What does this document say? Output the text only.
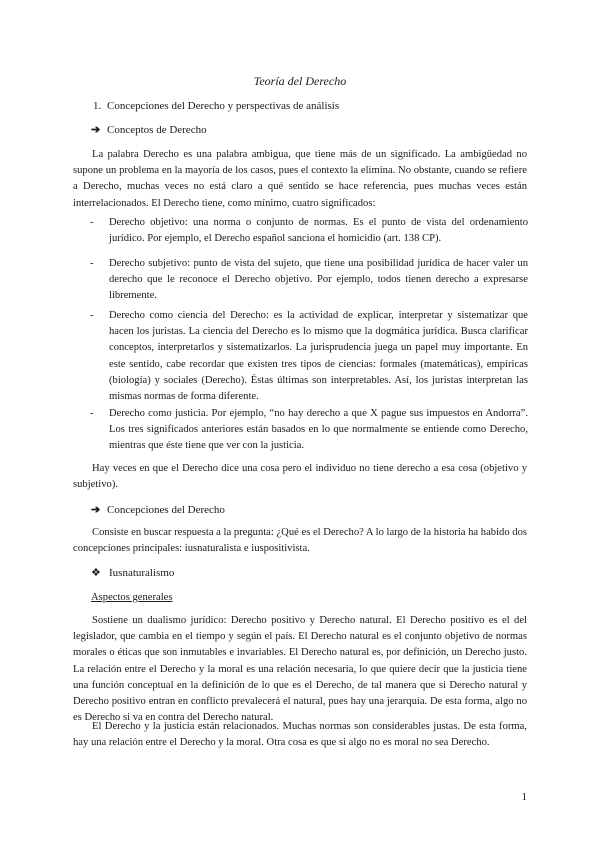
Teoría del Derecho
1. Concepciones del Derecho y perspectivas de análisis
➔ Conceptos de Derecho

La palabra Derecho es una palabra ambigua, que tiene más de un significado. La ambigüedad no supone un problema en la mayoría de los casos, pues el contexto la elimina. No obstante, cuando se refiere a Derecho, muchas veces no está claro a qué sentido se hace referencia, pues muchas veces están interrelacionados. El Derecho tiene, como mínimo, cuatro significados:

-	Derecho objetivo: una norma o conjunto de normas. Es el punto de vista del ordenamiento jurídico. Por ejemplo, el Derecho español sanciona el homicidio (art. 138 CP).
-	Derecho subjetivo: punto de vista del sujeto, que tiene una posibilidad jurídica de hacer valer un derecho que le reconoce el Derecho objetivo. Por ejemplo, todos tienen derecho a expresarse libremente.
-	Derecho como ciencia del Derecho: es la actividad de explicar, interpretar y sistematizar que hacen los juristas. La ciencia del Derecho es lo mismo que la dogmática jurídica. Busca clarificar conceptos, interpretarlos y sistematizarlos. La jurisprudencia juega un papel muy importante. En este sentido, cabe recordar que existen tres tipos de ciencias: formales (matemáticas), empíricas (biología) y sociales (Derecho). Éstas últimas son interpretables. Así, los juristas interpretan las mismas normas de forma diferente.
-	Derecho como justicia. Por ejemplo, “no hay derecho a que X pague sus impuestos en Andorra”. Los tres significados anteriores están basados en lo que normalmente se entiende como Derecho, mientras que éste tiene que ver con la justicia.

Hay veces en que el Derecho dice una cosa pero el individuo no tiene derecho a esa cosa (objetivo y subjetivo).

➔ Concepciones del Derecho

Consiste en buscar respuesta a la pregunta: ¿Qué es el Derecho? A lo largo de la historia ha habido dos concepciones principales: iusnaturalista e iuspositivista.

❖ Iusnaturalismo
Aspectos generales

Sostiene un dualismo jurídico: Derecho positivo y Derecho natural. El Derecho positivo es el del legislador, que cambia en el tiempo y según el país. El Derecho natural es el conjunto objetivo de normas morales o éticas que son inmutables e invariables. El Derecho natural es, por definición, un Derecho justo. La relación entre el Derecho y la moral es una relación necesaria, lo que quiere decir que la justicia tiene una función conceptual en la definición de lo que es el Derecho, de tal manera que si Derecho natural y Derecho positivo entran en conflicto prevalecerá el natural, pues hay una jerarquía. De esta forma, algo no es Derecho si va en contra del Derecho natural.

El Derecho y la justicia están relacionados. Muchas normas son considerables justas. De esta forma, hay una relación entre el Derecho y la moral. Otra cosa es que si algo no es moral no sea Derecho.

1
